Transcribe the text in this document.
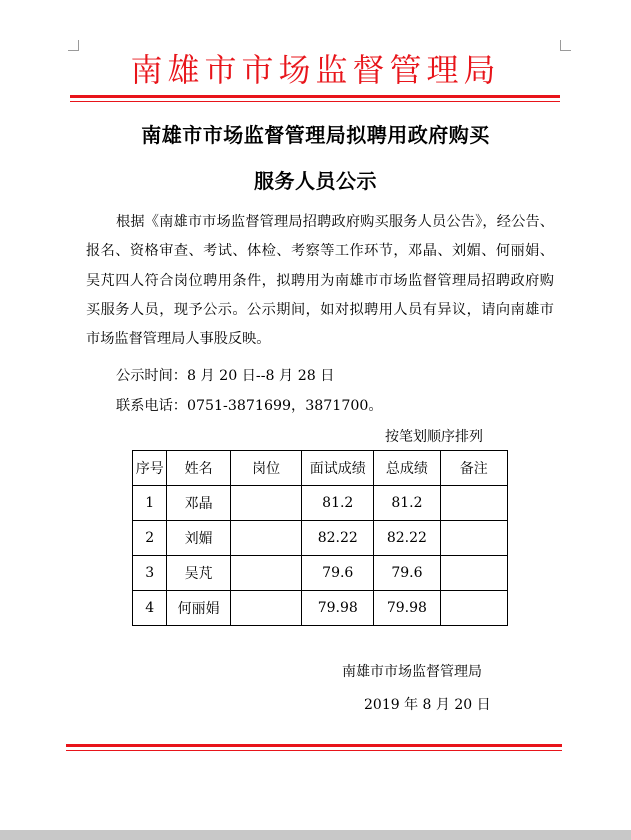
南雄市市场监督管理局
南雄市市场监督管理局拟聘用政府购买
服务人员公示
根据《南雄市市场监督管理局招聘政府购买服务人员公告》，经公告、报名、资格审查、考试、体检、考察等工作环节，邓晶、刘媚、何丽娟、吴芃四人符合岗位聘用条件，拟聘用为南雄市市场监督管理局招聘政府购买服务人员，现予公示。公示期间，如对拟聘用人员有异议，请向南雄市市场监督管理局人事股反映。
公示时间：8 月 20 日--8 月 28 日
联系电话：0751-3871699，3871700。
按笔划顺序排列
序号	姓名	岗位	面试成绩	总成绩	备注
1	邓晶		81.2	81.2	
2	刘媚		82.22	82.22	
3	吴芃		79.6	79.6	
4	何丽娟		79.98	79.98	
南雄市市场监督管理局
2019 年 8 月 20 日
